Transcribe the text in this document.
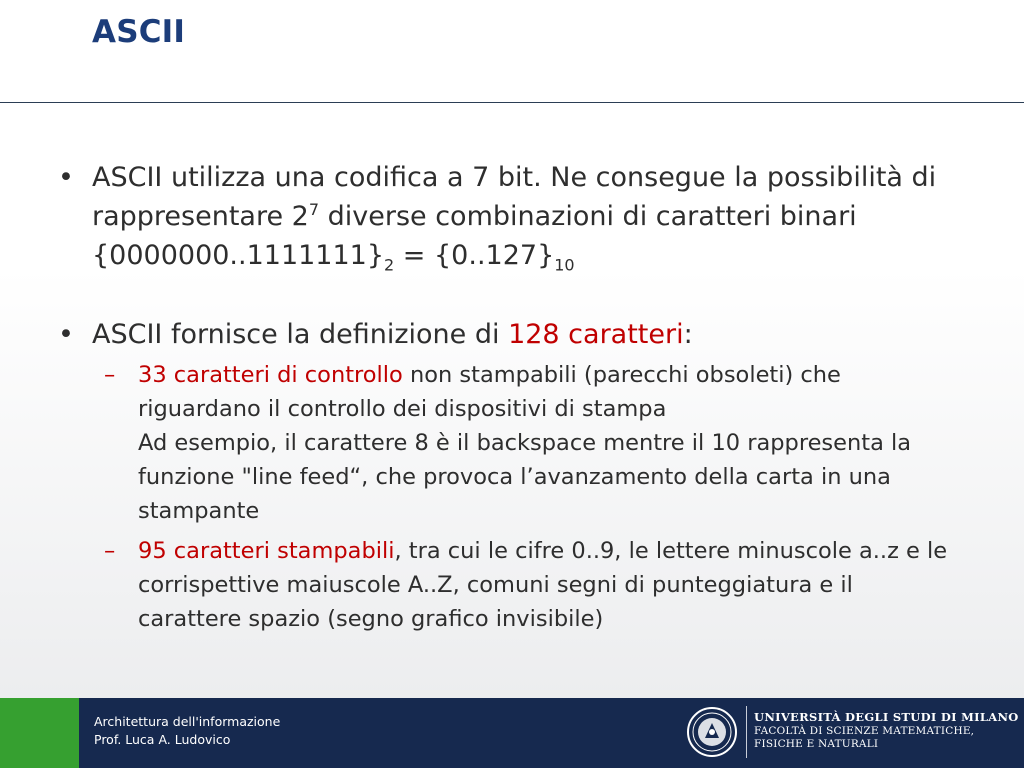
ASCII
• ASCII utilizza una codifica a 7 bit. Ne consegue la possibilità di rappresentare $2^7$ diverse combinazioni di caratteri binari $\{0000000..1111111\}_2 = \{0..127\}_{10}$
• ASCII fornisce la definizione di 128 caratteri:
– 33 caratteri di controllo non stampabili (parecchi obsoleti) che riguardano il controllo dei dispositivi di stampa
Ad esempio, il carattere 8 è il backspace mentre il 10 rappresenta la funzione "line feed“, che provoca l’avanzamento della carta in una stampante
– 95 caratteri stampabili, tra cui le cifre 0..9, le lettere minuscole a..z e le corrispettive maiuscole A..Z, comuni segni di punteggiatura e il carattere spazio (segno grafico invisibile)
Architettura dell'informazione
Prof. Luca A. Ludovico
UNIVERSITÀ DEGLI STUDI DI MILANO
FACOLTÀ DI SCIENZE MATEMATICHE,
FISICHE E NATURALI
